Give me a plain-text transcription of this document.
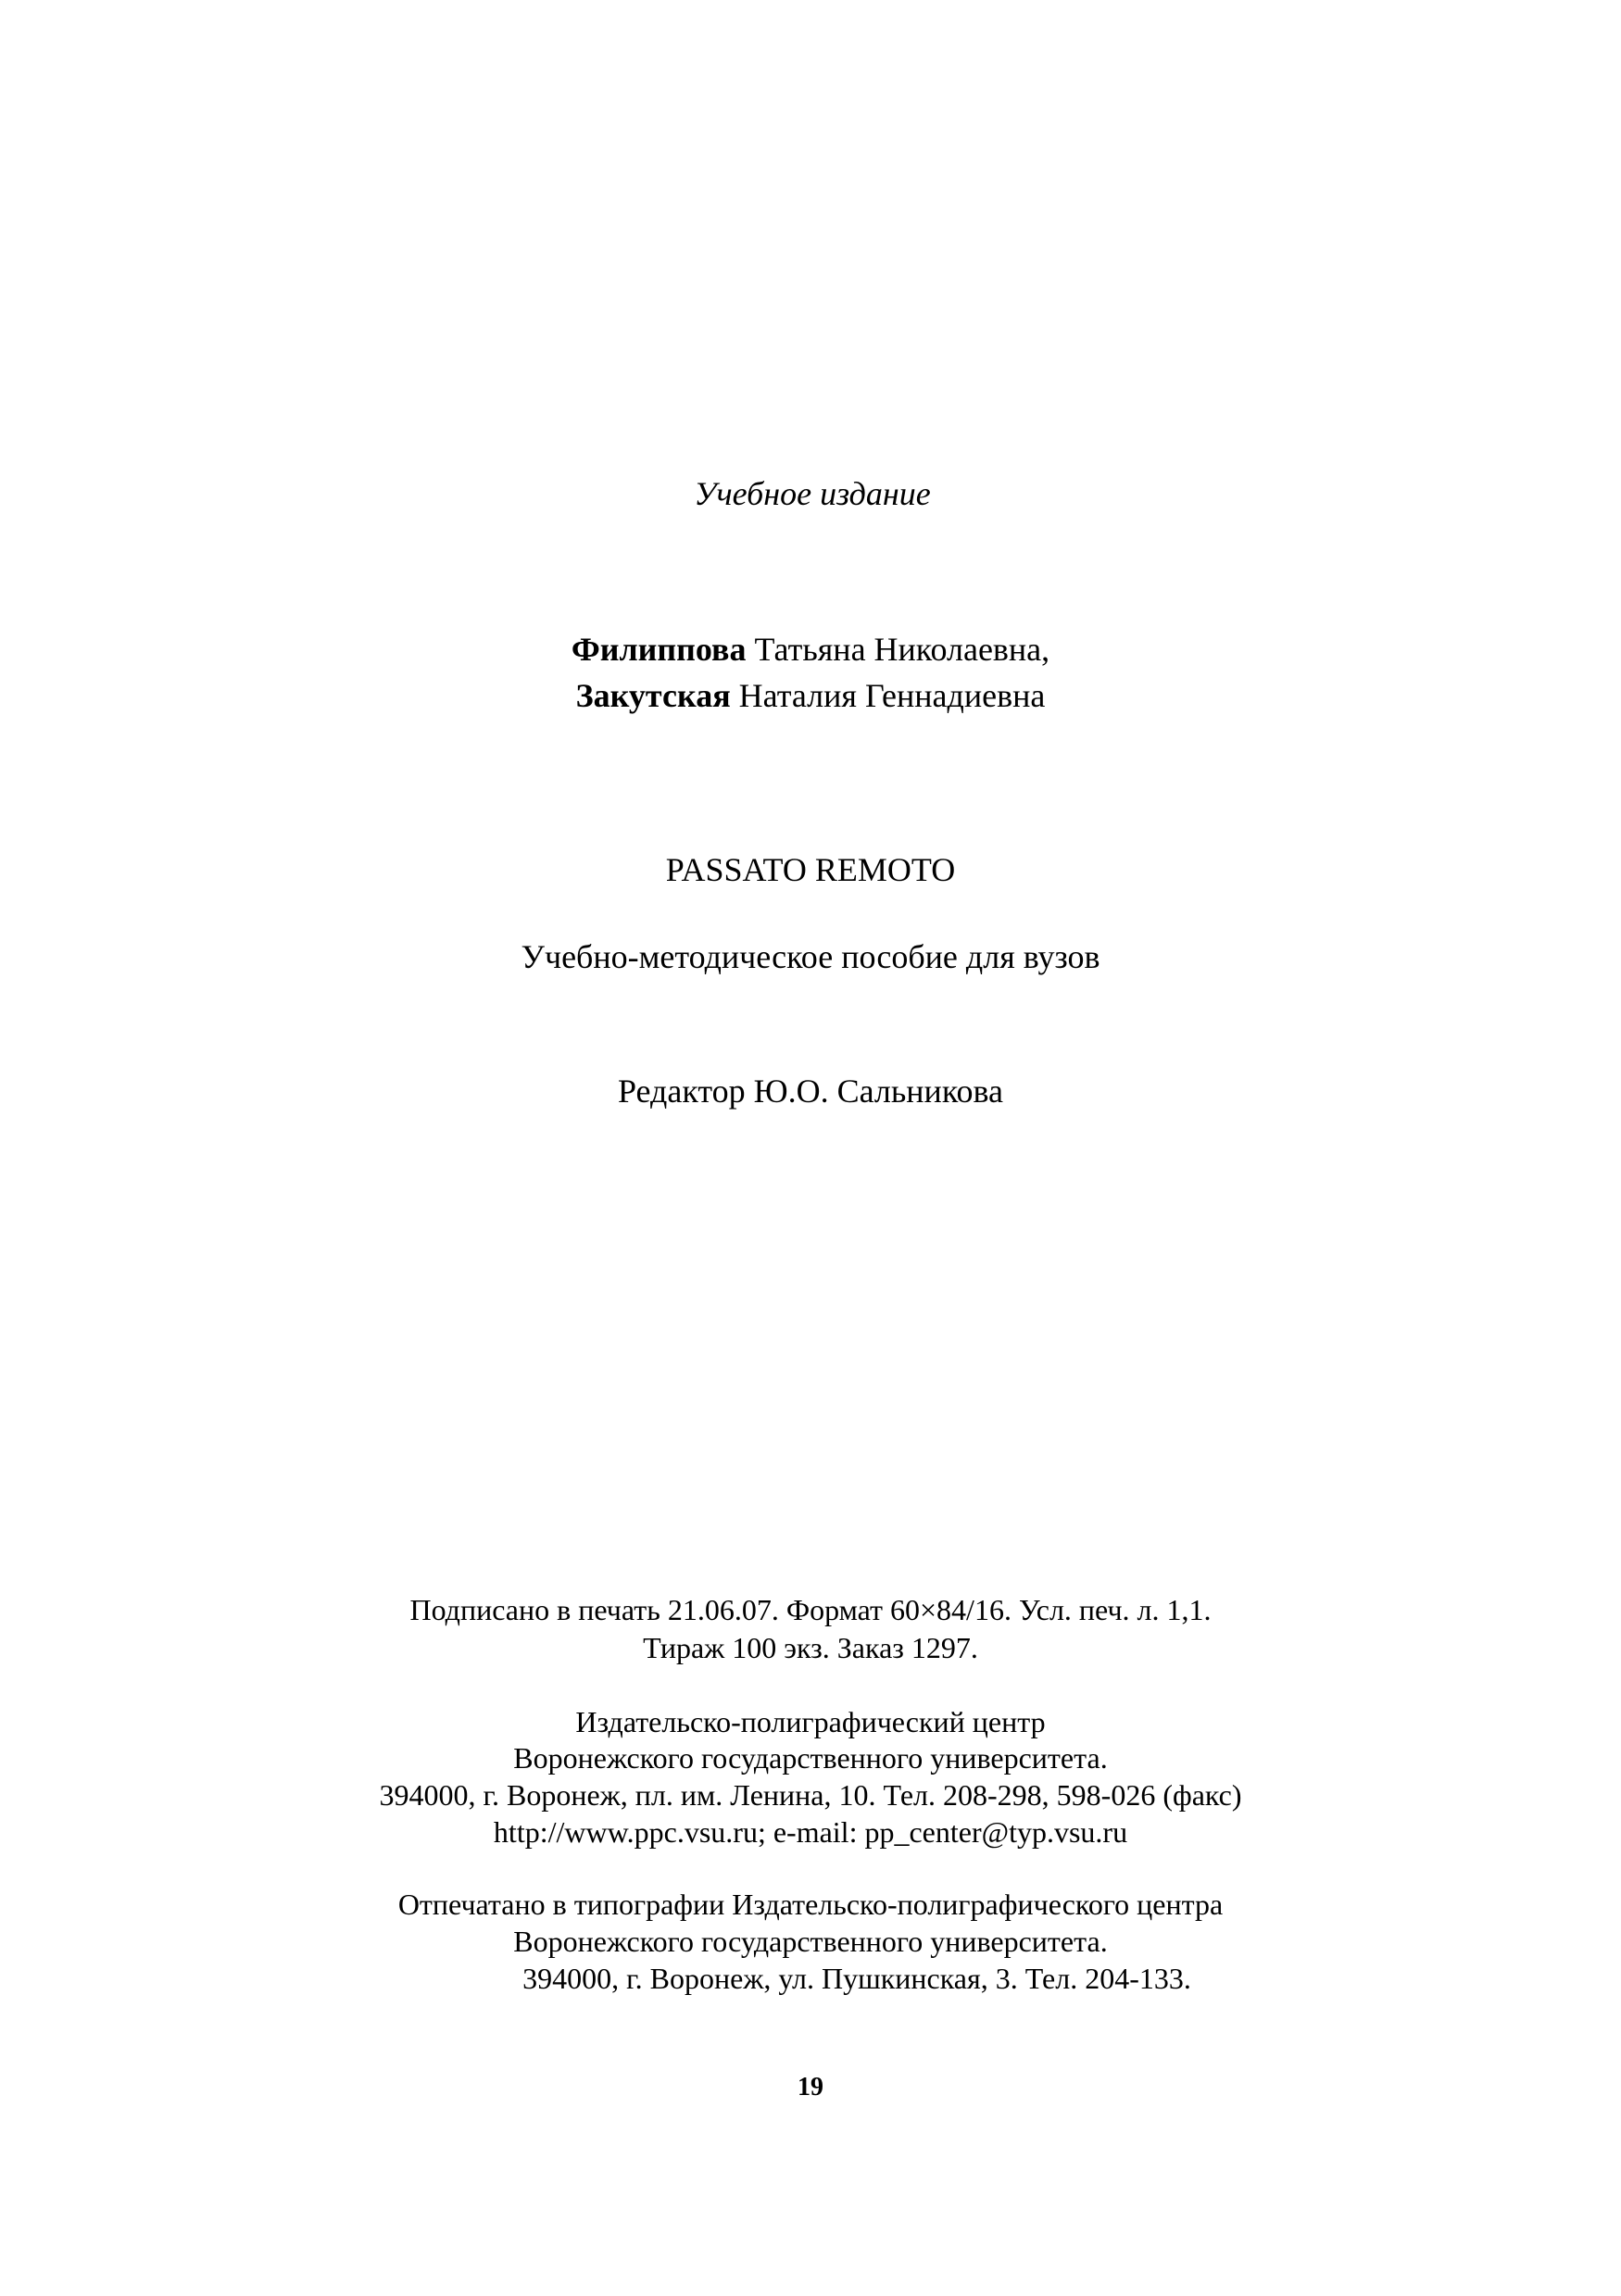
Учебное издание
Филиппова Татьяна Николаевна,
Закутская Наталия Геннадиевна
PASSATO REMOTO
Учебно-методическое пособие для вузов
Редактор Ю.О. Сальникова
Подписано в печать 21.06.07. Формат 60×84/16. Усл. печ. л. 1,1.
Тираж 100 экз. Заказ 1297.
Издательско-полиграфический центр
Воронежского государственного университета.
394000, г. Воронеж, пл. им. Ленина, 10. Тел. 208-298, 598-026 (факс)
http://www.ppc.vsu.ru; e-mail: pp_center@typ.vsu.ru
Отпечатано в типографии Издательско-полиграфического центра
Воронежского государственного университета.
394000, г. Воронеж, ул. Пушкинская, 3. Тел. 204-133.
19
